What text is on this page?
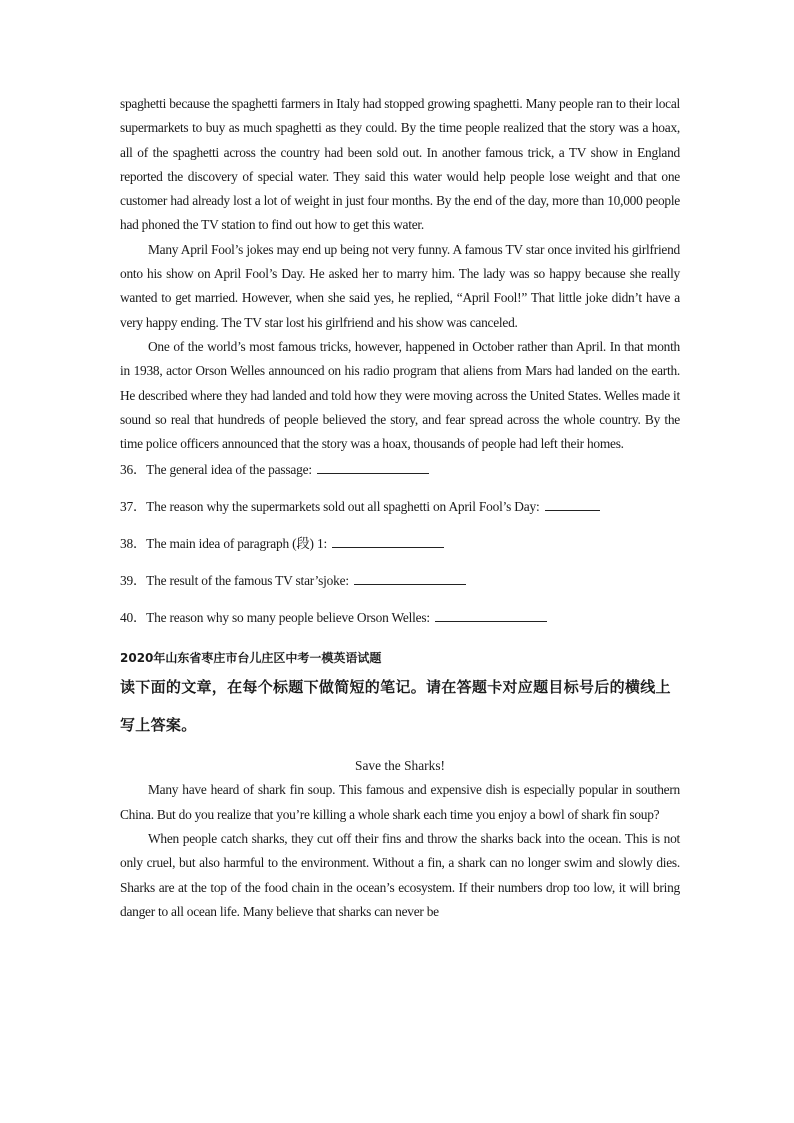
spaghetti because the spaghetti farmers in Italy had stopped growing spaghetti. Many people ran to their local supermarkets to buy as much spaghetti as they could. By the time people realized that the story was a hoax, all of the spaghetti across the country had been sold out. In another famous trick, a TV show in England reported the discovery of special water. They said this water would help people lose weight and that one customer had already lost a lot of weight in just four months. By the end of the day, more than 10,000 people had phoned the TV station to find out how to get this water.

Many April Fool’s jokes may end up being not very funny. A famous TV star once invited his girlfriend onto his show on April Fool’s Day. He asked her to marry him. The lady was so happy because she really wanted to get married. However, when she said yes, he replied, “April Fool!” That little joke didn’t have a very happy ending. The TV star lost his girlfriend and his show was canceled.

One of the world’s most famous tricks, however, happened in October rather than April. In that month in 1938, actor Orson Welles announced on his radio program that aliens from Mars had landed on the earth. He described where they had landed and told how they were moving across the United States. Welles made it sound so real that hundreds of people believed the story, and fear spread across the whole country. By the time police officers announced that the story was a hoax, thousands of people had left their homes.

36．The general idea of the passage:

37．The reason why the supermarkets sold out all spaghetti on April Fool’s Day:

38．The main idea of paragraph (段) 1:

39．The result of the famous TV star’sjoke:

40．The reason why so many people believe Orson Welles:

2020年山东省枣庄市台儿庄区中考一模英语试题

读下面的文章，在每个标题下做简短的笔记。请在答题卡对应题目标号后的横线上写上答案。

Save the Sharks!

Many have heard of shark fin soup. This famous and expensive dish is especially popular in southern China. But do you realize that you’re killing a whole shark each time you enjoy a bowl of shark fin soup?

When people catch sharks, they cut off their fins and throw the sharks back into the ocean. This is not only cruel, but also harmful to the environment. Without a fin, a shark can no longer swim and slowly dies. Sharks are at the top of the food chain in the ocean’s ecosystem. If their numbers drop too low, it will bring danger to all ocean life. Many believe that sharks can never be
